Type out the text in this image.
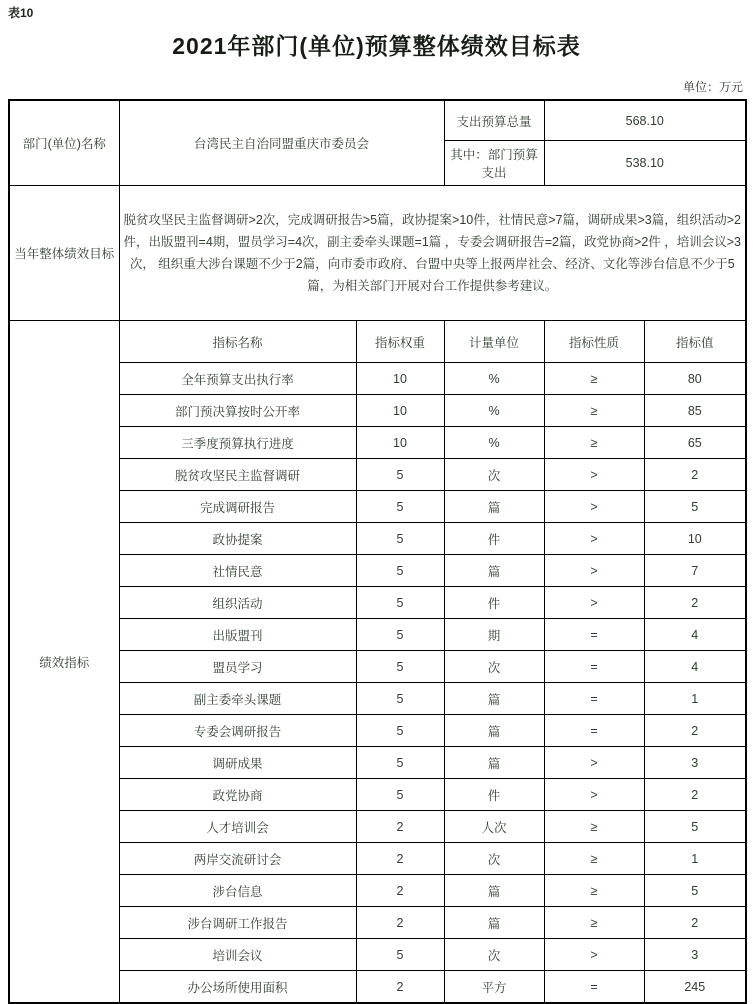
表10
2021年部门(单位)预算整体绩效目标表
单位：万元
部门(单位)名称	台湾民主自治同盟重庆市委员会		支出预算总量	568.10	
			其中：部门预算支出	538.10	
当年整体绩效目标	脱贫攻坚民主监督调研>2次，完成调研报告>5篇，政协提案>10件，社情民意>7篇，调研成果>3篇，组织活动>2件，出版盟刊=4期，盟员学习=4次，副主委牵头课题=1篇 ，专委会调研报告=2篇，政党协商>2件 ，培训会议>3次， 组织重大涉台课题不少于2篇，向市委市政府、台盟中央等上报两岸社会、经济、文化等涉台信息不少于5篇，为相关部门开展对台工作提供参考建议。				
绩效指标	指标名称	指标权重	计量单位	指标性质	指标值
	全年预算支出执行率	10	%	≥	80
	部门预决算按时公开率	10	%	≥	85
	三季度预算执行进度	10	%	≥	65
	脱贫攻坚民主监督调研	5	次	>	2
	完成调研报告	5	篇	>	5
	政协提案	5	件	>	10
	社情民意	5	篇	>	7
	组织活动	5	件	>	2
	出版盟刊	5	期	=	4
	盟员学习	5	次	=	4
	副主委牵头课题	5	篇	=	1
	专委会调研报告	5	篇	=	2
	调研成果	5	篇	>	3
	政党协商	5	件	>	2
	人才培训会	2	人次	≥	5
	两岸交流研讨会	2	次	≥	1
	涉台信息	2	篇	≥	5
	涉台调研工作报告	2	篇	≥	2
	培训会议	5	次	>	3
	办公场所使用面积	2	平方	=	245
